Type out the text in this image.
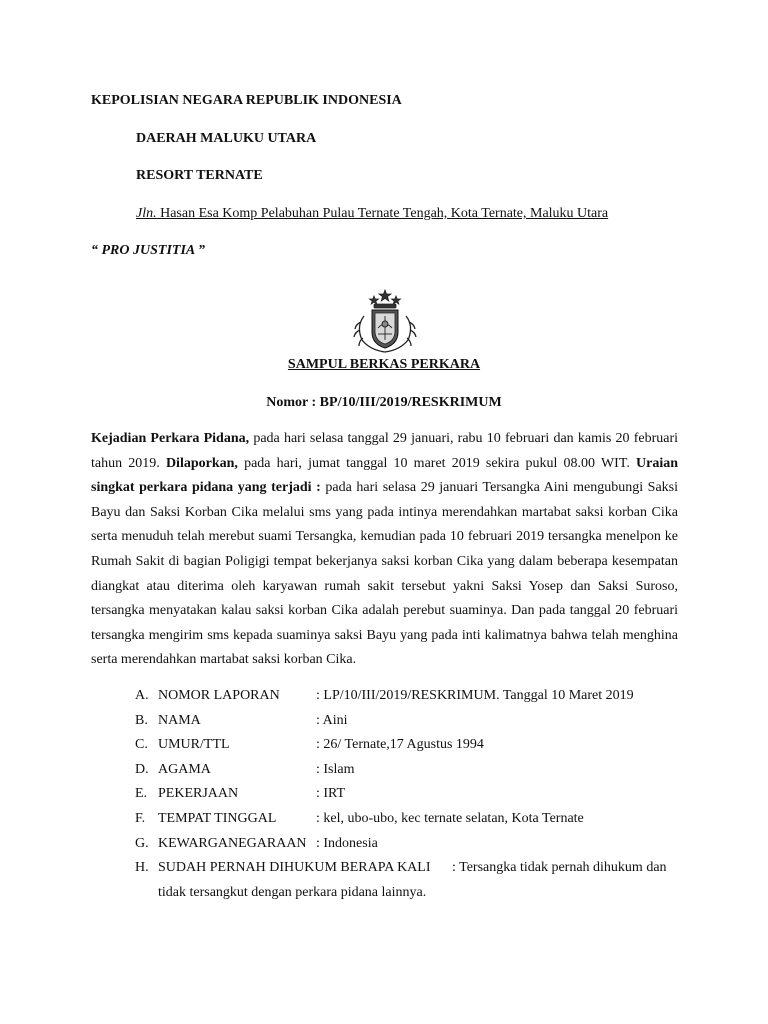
KEPOLISIAN NEGARA REPUBLIK INDONESIA
DAERAH MALUKU UTARA
RESORT TERNATE
Jln. Hasan Esa Komp Pelabuhan Pulau Ternate Tengah, Kota Ternate, Maluku Utara
“ PRO JUSTITIA ”
SAMPUL BERKAS PERKARA
Nomor : BP/10/III/2019/RESKRIMUM
Kejadian Perkara Pidana, pada hari selasa tanggal 29 januari, rabu 10 februari dan kamis 20 februari tahun 2019. Dilaporkan, pada hari, jumat tanggal 10 maret 2019 sekira pukul 08.00 WIT. Uraian singkat perkara pidana yang terjadi : pada hari selasa 29 januari Tersangka Aini mengubungi Saksi Bayu dan Saksi Korban Cika melalui sms yang pada intinya merendahkan martabat saksi korban Cika serta menuduh telah merebut suami Tersangka, kemudian pada 10 februari 2019 tersangka menelpon ke Rumah Sakit di bagian Poligigi tempat bekerjanya saksi korban Cika yang dalam beberapa kesempatan diangkat atau diterima oleh karyawan rumah sakit tersebut yakni Saksi Yosep dan Saksi Suroso, tersangka menyatakan kalau saksi korban Cika adalah perebut suaminya. Dan pada tanggal 20 februari tersangka mengirim sms kepada suaminya saksi Bayu yang pada inti kalimatnya bahwa telah menghina serta merendahkan martabat saksi korban Cika.
A. NOMOR LAPORAN	: LP/10/III/2019/RESKRIMUM. Tanggal 10 Maret 2019
B. NAMA	: Aini
C. UMUR/TTL	: 26/ Ternate,17 Agustus 1994
D. AGAMA	: Islam
E. PEKERJAAN	: IRT
F. TEMPAT TINGGAL	: kel, ubo-ubo, kec ternate selatan, Kota Ternate
G. KEWARGANEGARAAN : Indonesia
H. SUDAH PERNAH DIHUKUM BERAPA KALI : Tersangka tidak pernah dihukum dan
tidak tersangkut dengan perkara pidana lainnya.
